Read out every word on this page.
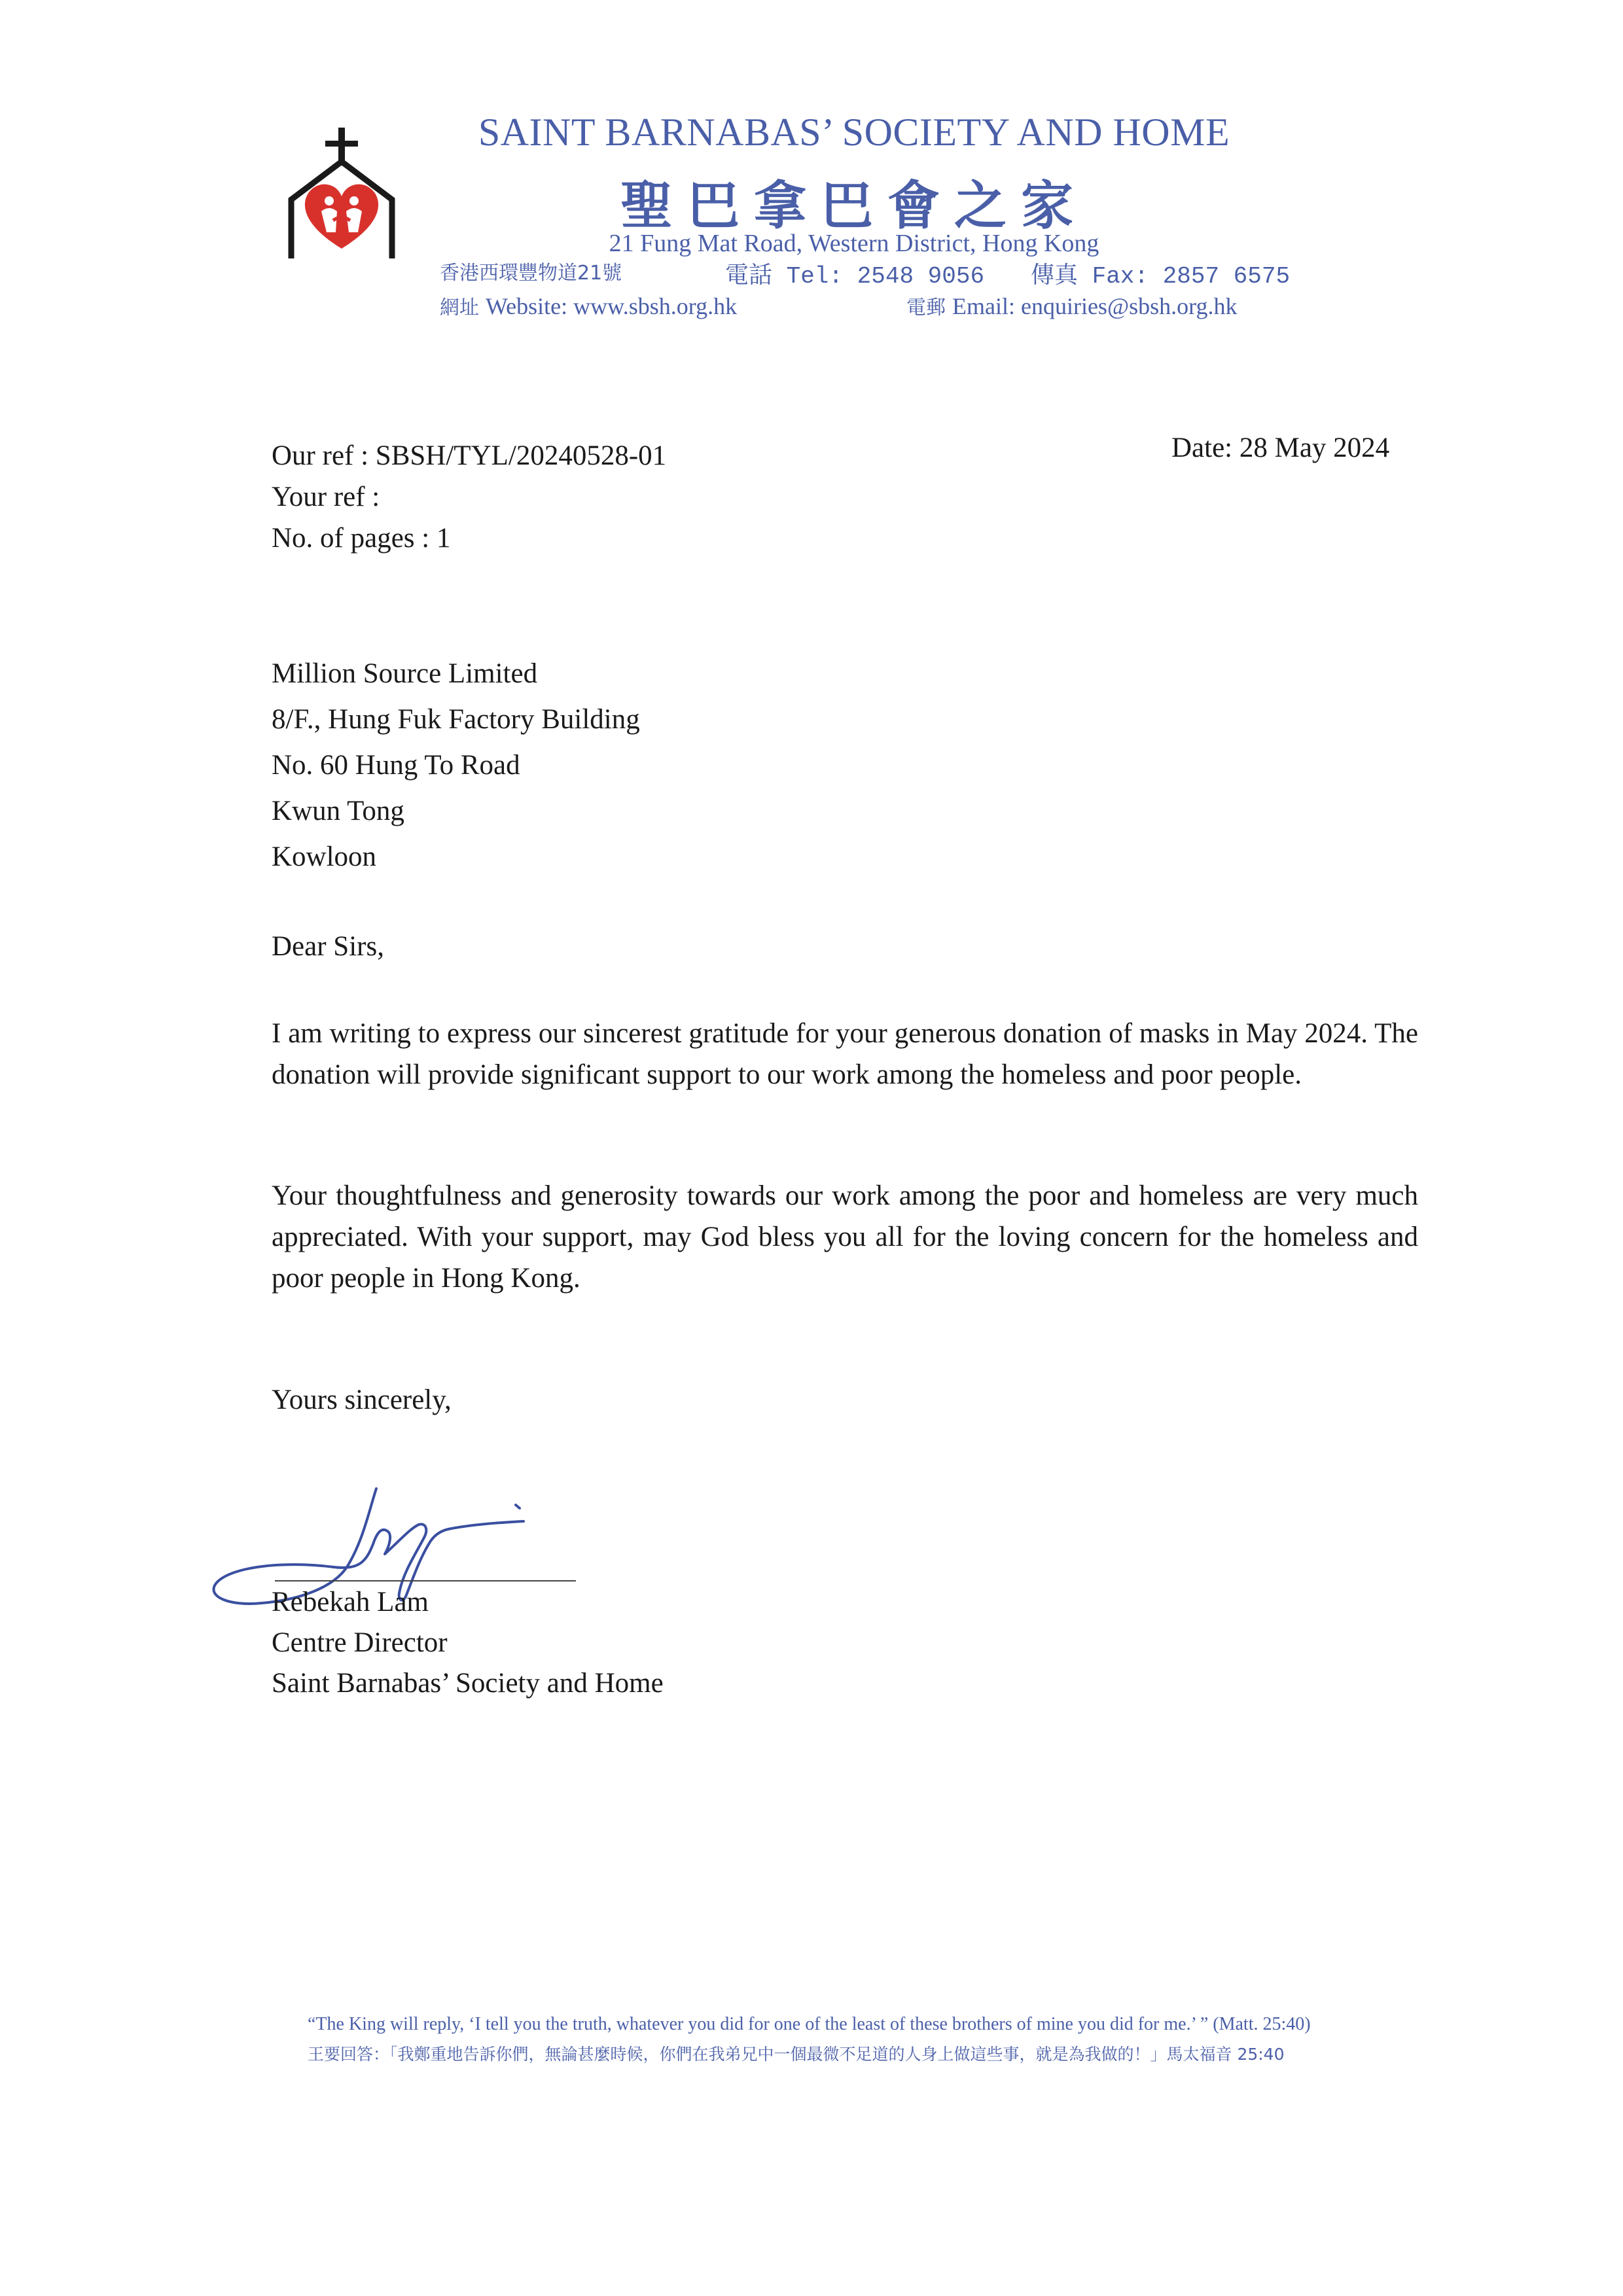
SAINT BARNABAS’ SOCIETY AND HOME
聖巴拿巴會之家
21 Fung Mat Road, Western District, Hong Kong
香港西環豐物道21號	電話 Tel: 2548 9056 傳真 Fax: 2857 6575
網址 Website: www.sbsh.org.hk	電郵 Email: enquiries@sbsh.org.hk
Our ref : SBSH/TYL/20240528-01
Your ref :
No. of pages : 1
Date: 28 May 2024
Million Source Limited
8/F., Hung Fuk Factory Building
No. 60 Hung To Road
Kwun Tong
Kowloon
Dear Sirs,
I am writing to express our sincerest gratitude for your generous donation of masks in May 2024. The donation will provide significant support to our work among the homeless and poor people.
Your thoughtfulness and generosity towards our work among the poor and homeless are very much appreciated. With your support, may God bless you all for the loving concern for the homeless and poor people in Hong Kong.
Yours sincerely,
Rebekah Lam
Centre Director
Saint Barnabas’ Society and Home
“The King will reply, ‘I tell you the truth, whatever you did for one of the least of these brothers of mine you did for me.’ ” (Matt. 25:40)
王要回答：「我鄭重地告訴你們，無論甚麼時候，你們在我弟兄中一個最微不足道的人身上做這些事，就是為我做的！」馬太福音 25:40
